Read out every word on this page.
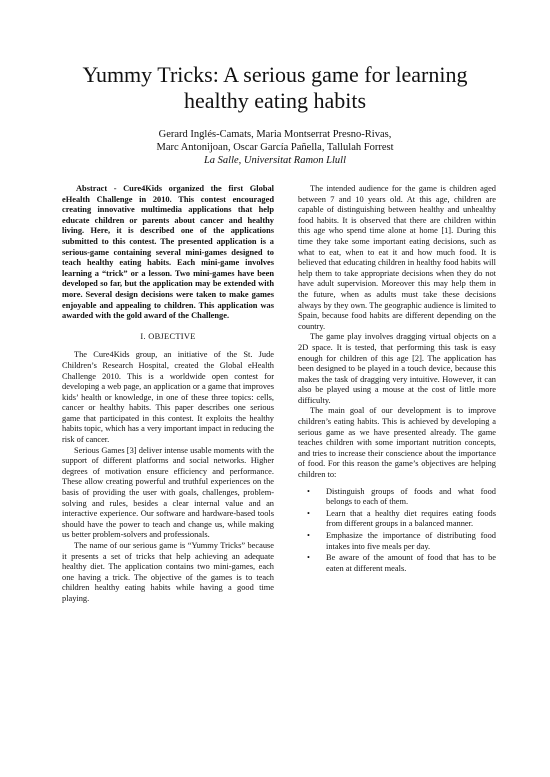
Yummy Tricks: A serious game for learning
healthy eating habits
Gerard Inglés-Camats, Maria Montserrat Presno-Rivas,
Marc Antonijoan, Oscar García Pañella, Tallulah Forrest
La Salle, Universitat Ramon Llull

Abstract - Cure4Kids organized the first Global eHealth Challenge in 2010. This contest encouraged creating innovative multimedia applications that help educate children or parents about cancer and healthy living. Here, it is described one of the applications submitted to this contest. The presented application is a serious-game containing several mini-games designed to teach healthy eating habits. Each mini-game involves learning a “trick” or a lesson. Two mini-games have been developed so far, but the application may be extended with more. Several design decisions were taken to make games enjoyable and appealing to children. This application was awarded with the gold award of the Challenge.

I. OBJECTIVE

The Cure4Kids group, an initiative of the St. Jude Children’s Research Hospital, created the Global eHealth Challenge 2010. This is a worldwide open contest for developing a web page, an application or a game that improves kids’ health or knowledge, in one of these three topics: cells, cancer or healthy habits. This paper describes one serious game that participated in this contest. It exploits the healthy habits topic, which has a very important impact in reducing the risk of cancer.

Serious Games [3] deliver intense usable moments with the support of different platforms and social networks. Higher degrees of motivation ensure efficiency and performance. These allow creating powerful and truthful experiences on the basis of providing the user with goals, challenges, problem-solving and rules, besides a clear internal value and an interactive experience. Our software and hardware-based tools should have the power to teach and change us, while making us better problem-solvers and professionals.

The name of our serious game is “Yummy Tricks” because it presents a set of tricks that help achieving an adequate healthy diet. The application contains two mini-games, each one having a trick. The objective of the games is to teach children healthy eating habits while having a good time playing.

The intended audience for the game is children aged between 7 and 10 years old. At this age, children are capable of distinguishing between healthy and unhealthy food habits. It is observed that there are children within this age who spend time alone at home [1]. During this time they take some important eating decisions, such as what to eat, when to eat it and how much food. It is believed that educating children in healthy food habits will help them to take appropriate decisions when they do not have adult supervision. Moreover this may help them in the future, when as adults must take these decisions always by they own. The geographic audience is limited to Spain, because food habits are different depending on the country.

The game play involves dragging virtual objects on a 2D space. It is tested, that performing this task is easy enough for children of this age [2]. The application has been designed to be played in a touch device, because this makes the task of dragging very intuitive. However, it can also be played using a mouse at the cost of little more difficulty.

The main goal of our development is to improve children’s eating habits. This is achieved by developing a serious game as we have presented already. The game teaches children with some important nutrition concepts, and tries to increase their conscience about the importance of food. For this reason the game’s objectives are helping children to:

• Distinguish groups of foods and what food belongs to each of them.
• Learn that a healthy diet requires eating foods from different groups in a balanced manner.
• Emphasize the importance of distributing food intakes into five meals per day.
• Be aware of the amount of food that has to be eaten at different meals.
